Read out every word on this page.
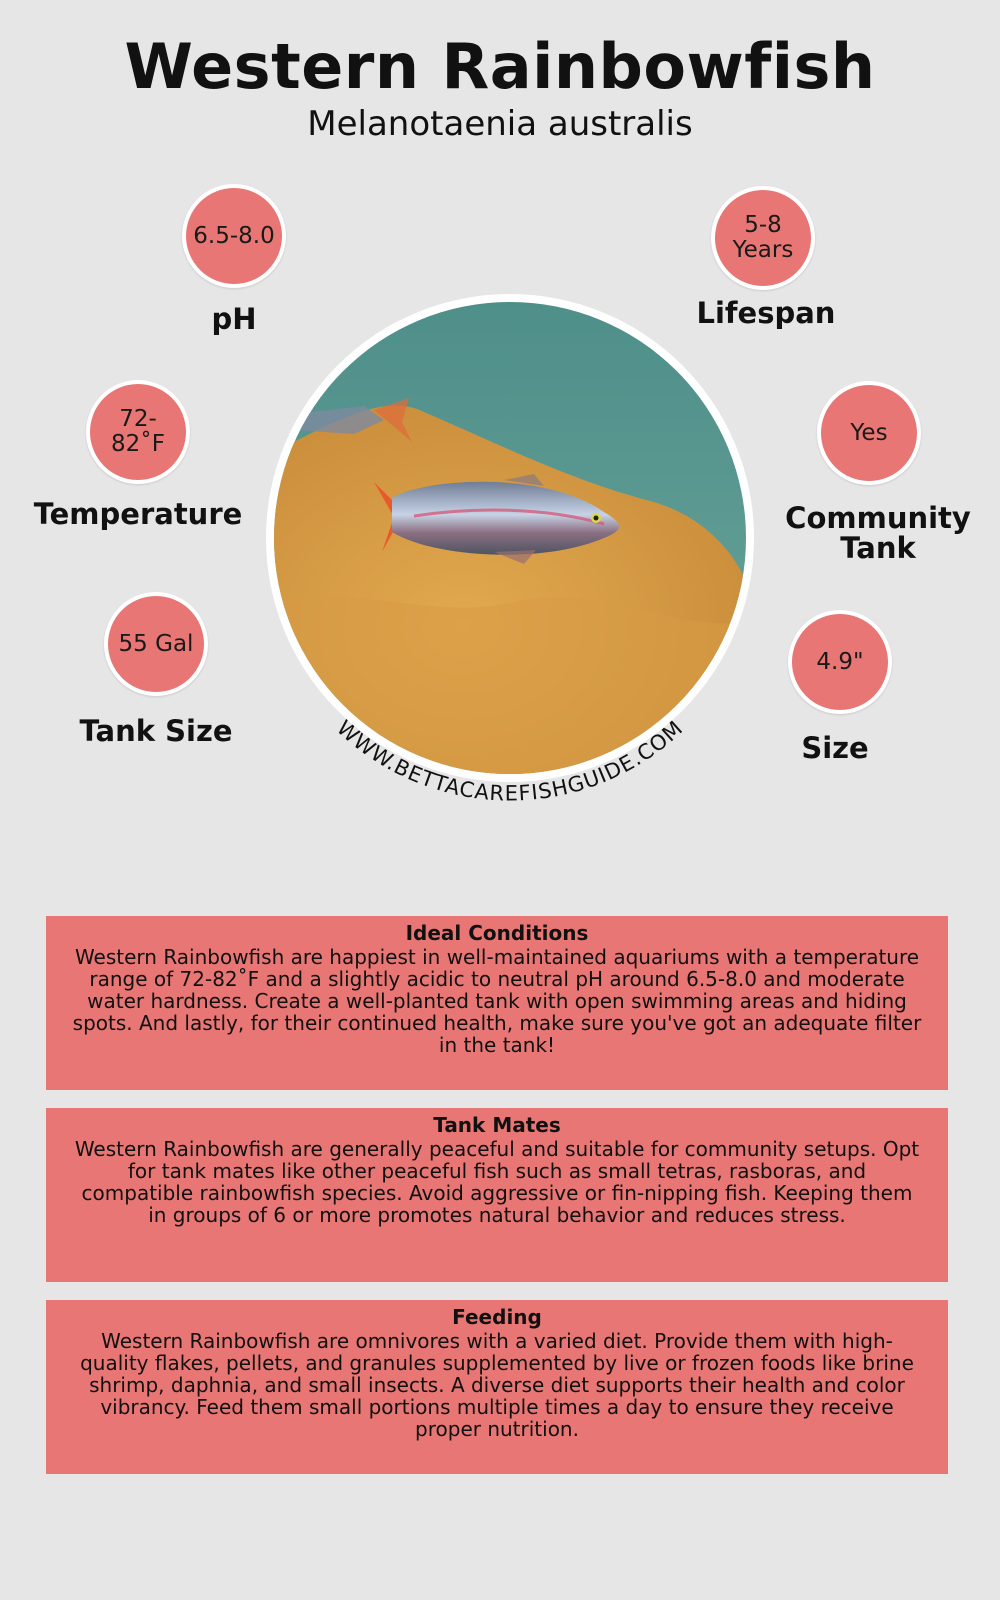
Western Rainbowfish
Melanotaenia australis
6.5-8.0
pH
5-8 Years
Lifespan
72-82˚F
Temperature
Yes
Community Tank
55 Gal
Tank Size
4.9"
Size
WWW.BETTACAREFISHGUIDE.COM
Ideal Conditions
Western Rainbowfish are happiest in well-maintained aquariums with a temperature range of 72-82˚F and a slightly acidic to neutral pH around 6.5-8.0 and moderate water hardness. Create a well-planted tank with open swimming areas and hiding spots. And lastly, for their continued health, make sure you've got an adequate filter in the tank!
Tank Mates
Western Rainbowfish are generally peaceful and suitable for community setups. Opt for tank mates like other peaceful fish such as small tetras, rasboras, and compatible rainbowfish species. Avoid aggressive or fin-nipping fish. Keeping them in groups of 6 or more promotes natural behavior and reduces stress.
Feeding
Western Rainbowfish are omnivores with a varied diet. Provide them with high-quality flakes, pellets, and granules supplemented by live or frozen foods like brine shrimp, daphnia, and small insects. A diverse diet supports their health and color vibrancy. Feed them small portions multiple times a day to ensure they receive proper nutrition.
